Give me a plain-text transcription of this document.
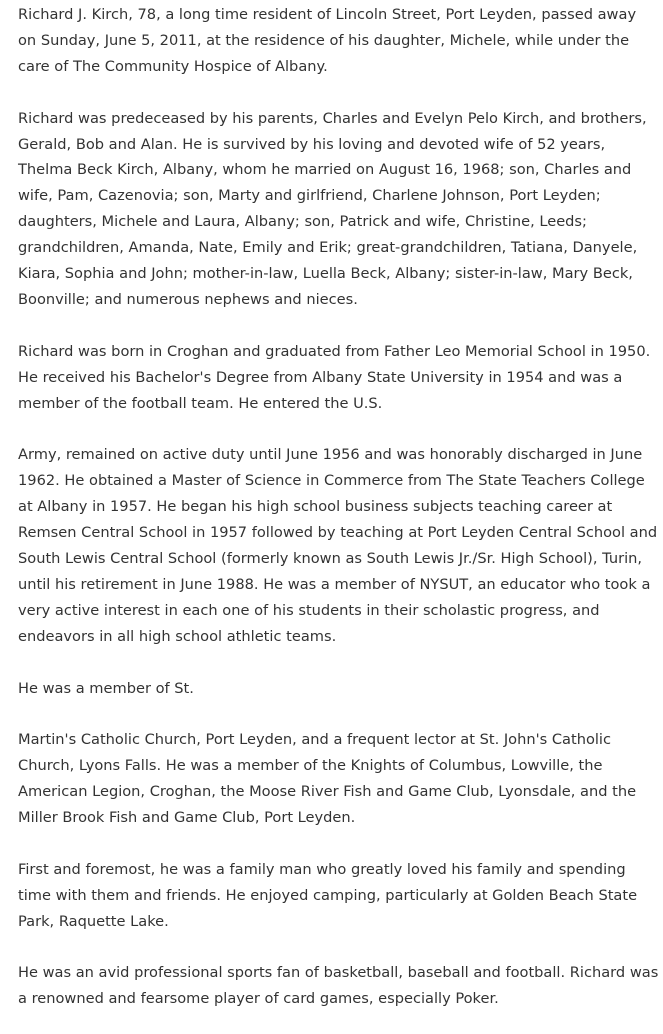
Richard J. Kirch, 78, a long time resident of Lincoln Street, Port Leyden, passed away
on Sunday, June 5, 2011, at the residence of his daughter, Michele, while under the
care of The Community Hospice of Albany.

Richard was predeceased by his parents, Charles and Evelyn Pelo Kirch, and brothers,
Gerald, Bob and Alan. He is survived by his loving and devoted wife of 52 years,
Thelma Beck Kirch, Albany, whom he married on August 16, 1968; son, Charles and
wife, Pam, Cazenovia; son, Marty and girlfriend, Charlene Johnson, Port Leyden;
daughters, Michele and Laura, Albany; son, Patrick and wife, Christine, Leeds;
grandchildren, Amanda, Nate, Emily and Erik; great-grandchildren, Tatiana, Danyele,
Kiara, Sophia and John; mother-in-law, Luella Beck, Albany; sister-in-law, Mary Beck,
Boonville; and numerous nephews and nieces.

Richard was born in Croghan and graduated from Father Leo Memorial School in 1950.
He received his Bachelor's Degree from Albany State University in 1954 and was a
member of the football team. He entered the U.S.

Army, remained on active duty until June 1956 and was honorably discharged in June
1962. He obtained a Master of Science in Commerce from The State Teachers College
at Albany in 1957. He began his high school business subjects teaching career at
Remsen Central School in 1957 followed by teaching at Port Leyden Central School and
South Lewis Central School (formerly known as South Lewis Jr./Sr. High School), Turin,
until his retirement in June 1988. He was a member of NYSUT, an educator who took a
very active interest in each one of his students in their scholastic progress, and
endeavors in all high school athletic teams.

He was a member of St.

Martin's Catholic Church, Port Leyden, and a frequent lector at St. John's Catholic
Church, Lyons Falls. He was a member of the Knights of Columbus, Lowville, the
American Legion, Croghan, the Moose River Fish and Game Club, Lyonsdale, and the
Miller Brook Fish and Game Club, Port Leyden.

First and foremost, he was a family man who greatly loved his family and spending
time with them and friends. He enjoyed camping, particularly at Golden Beach State
Park, Raquette Lake.

He was an avid professional sports fan of basketball, baseball and football. Richard was
a renowned and fearsome player of card games, especially Poker.
